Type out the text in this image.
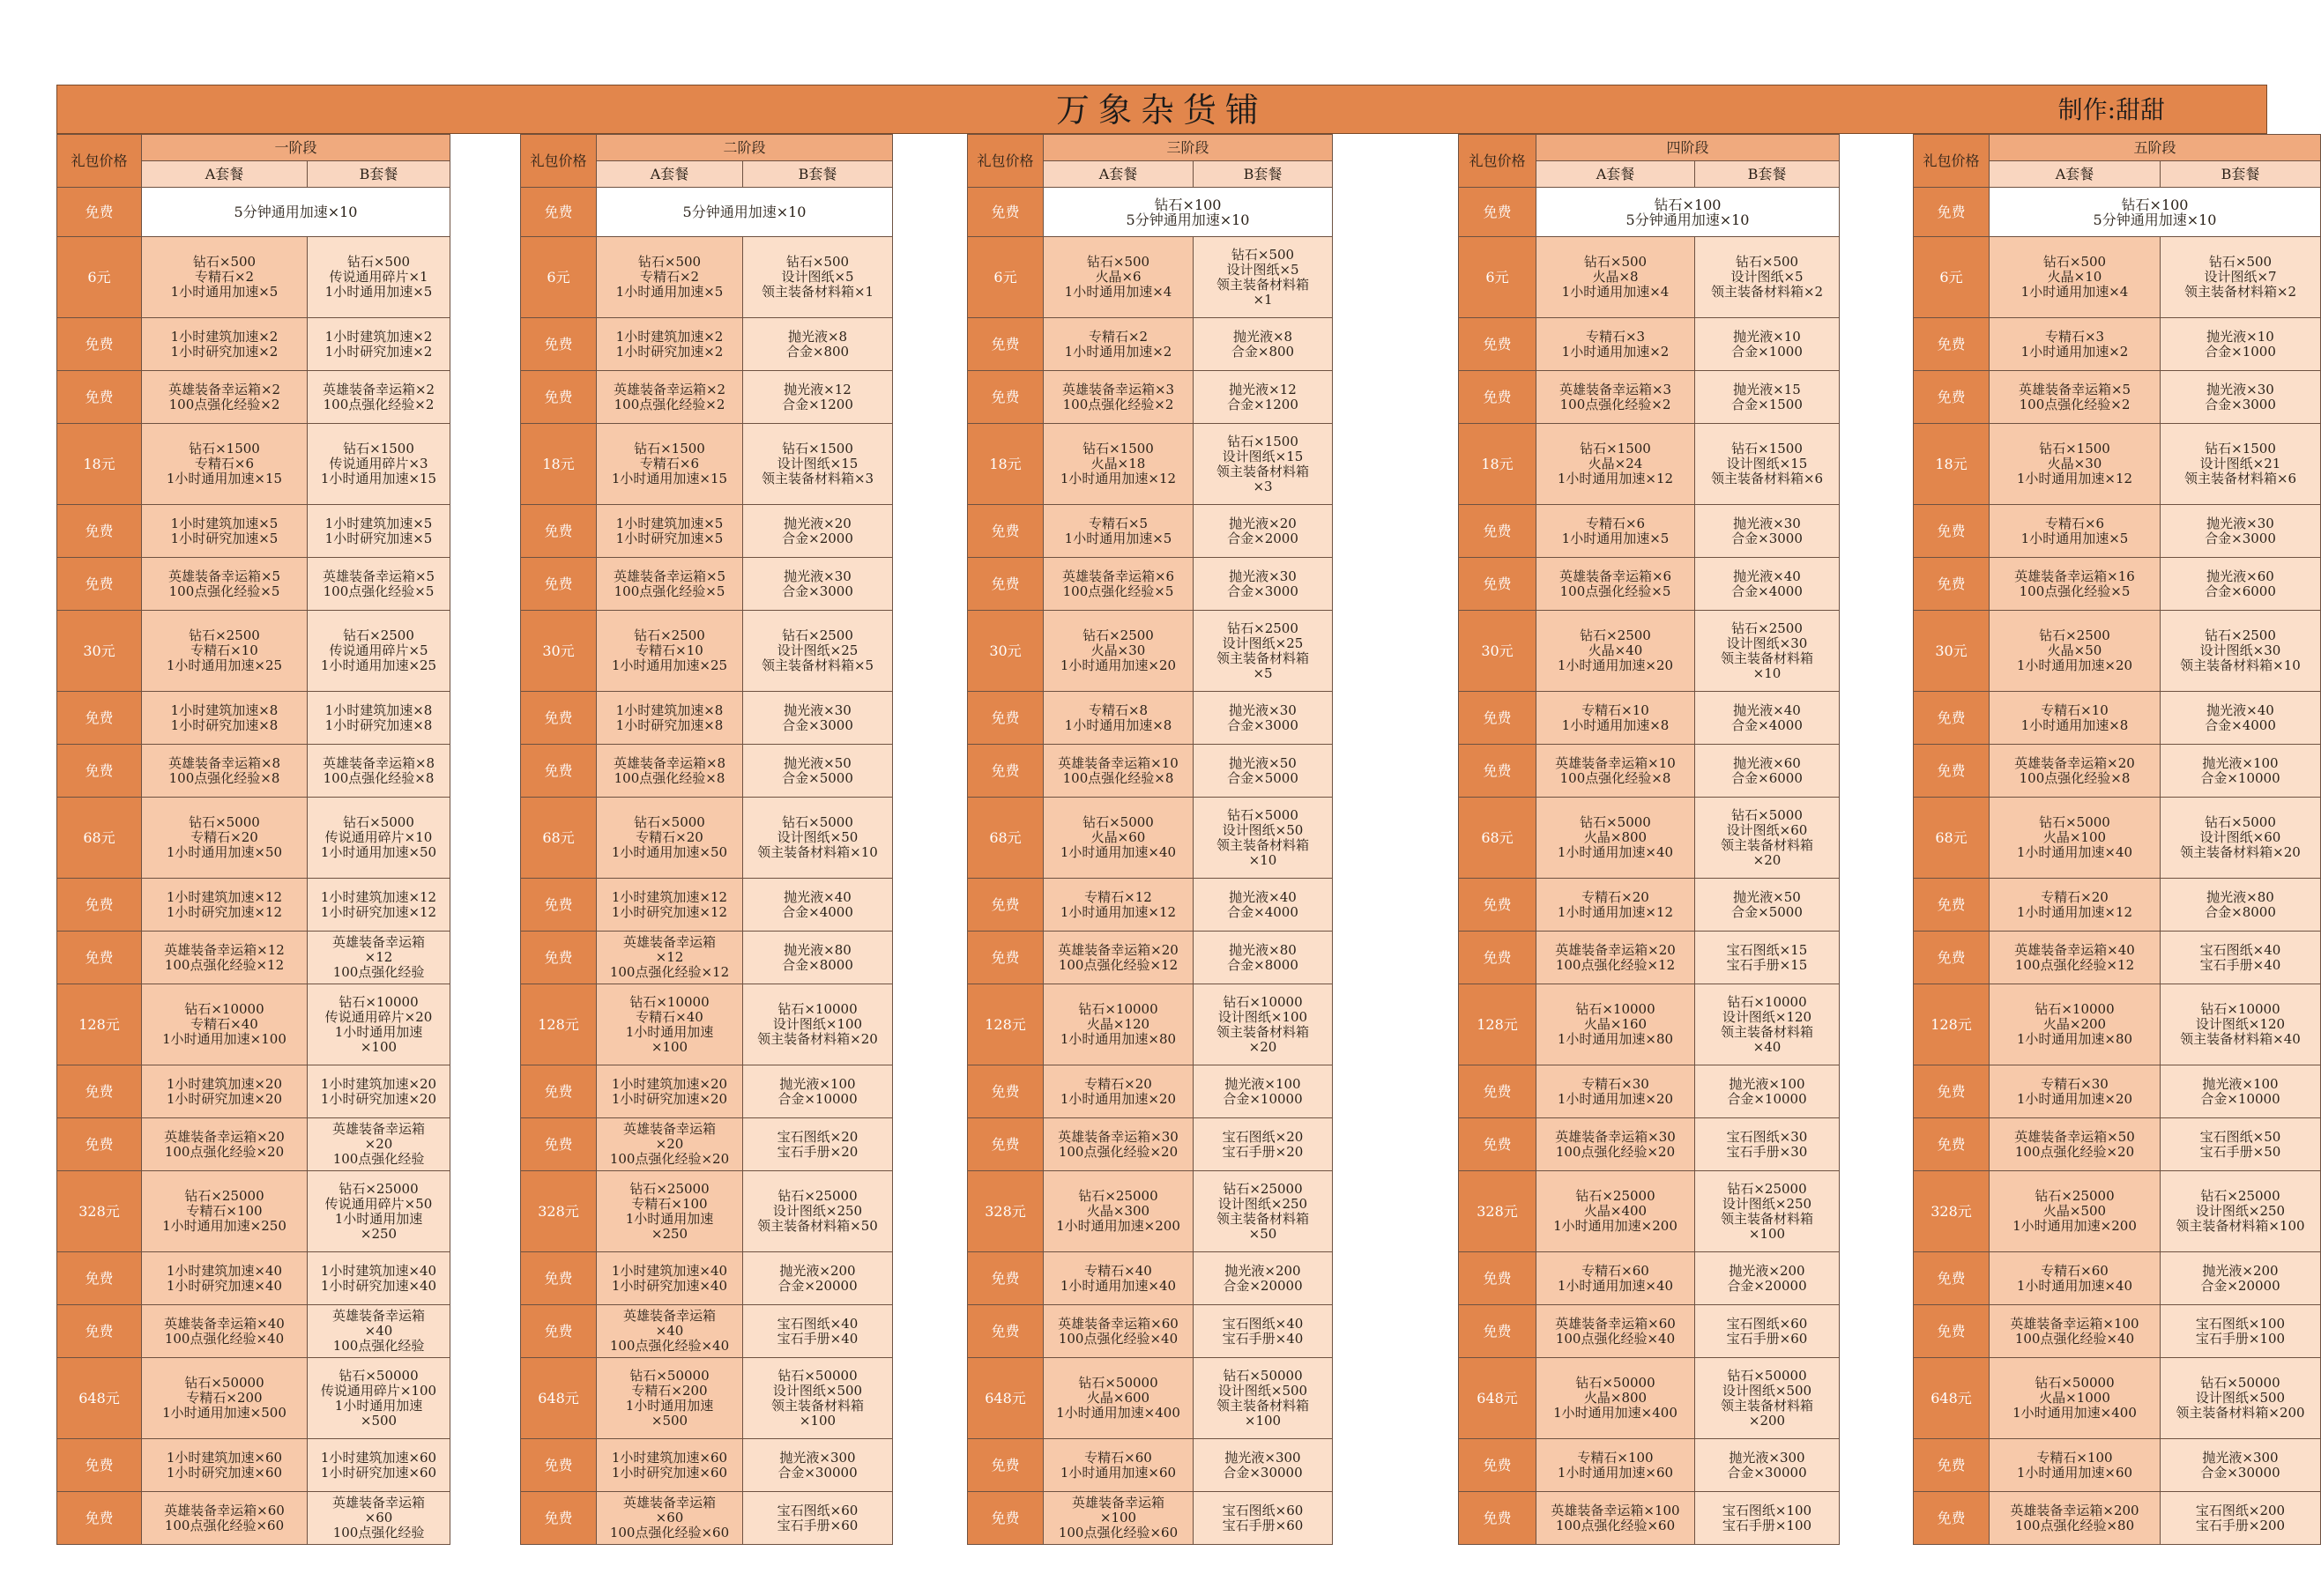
万象杂货铺	制作:甜甜
礼包价格	一阶段	
	A套餐	B套餐
免费	5分钟通用加速×10	

6元	钻石×500
专精石×2
1小时通用加速×5	钻石×500
传说通用碎片×1
1小时通用加速×5

免费	1小时建筑加速×2
1小时研究加速×2	1小时建筑加速×2
1小时研究加速×2

免费	英雄装备幸运箱×2
100点强化经验×2	英雄装备幸运箱×2
100点强化经验×2

18元	钻石×1500
专精石×6
1小时通用加速×15	钻石×1500
传说通用碎片×3
1小时通用加速×15

免费	1小时建筑加速×5
1小时研究加速×5	1小时建筑加速×5
1小时研究加速×5

免费	英雄装备幸运箱×5
100点强化经验×5	英雄装备幸运箱×5
100点强化经验×5

30元	钻石×2500
专精石×10
1小时通用加速×25	钻石×2500
传说通用碎片×5
1小时通用加速×25

免费	1小时建筑加速×8
1小时研究加速×8	1小时建筑加速×8
1小时研究加速×8

免费	英雄装备幸运箱×8
100点强化经验×8	英雄装备幸运箱×8
100点强化经验×8

68元	钻石×5000
专精石×20
1小时通用加速×50	钻石×5000
传说通用碎片×10
1小时通用加速×50

免费	1小时建筑加速×12
1小时研究加速×12	1小时建筑加速×12
1小时研究加速×12

免费	英雄装备幸运箱×12
100点强化经验×12	英雄装备幸运箱
×12
100点强化经验

128元	钻石×10000
专精石×40
1小时通用加速×100	钻石×10000
传说通用碎片×20
1小时通用加速
×100

免费	1小时建筑加速×20
1小时研究加速×20	1小时建筑加速×20
1小时研究加速×20

免费	英雄装备幸运箱×20
100点强化经验×20	英雄装备幸运箱
×20
100点强化经验

328元	钻石×25000
专精石×100
1小时通用加速×250	钻石×25000
传说通用碎片×50
1小时通用加速
×250

免费	1小时建筑加速×40
1小时研究加速×40	1小时建筑加速×40
1小时研究加速×40

免费	英雄装备幸运箱×40
100点强化经验×40	英雄装备幸运箱
×40
100点强化经验

648元	钻石×50000
专精石×200
1小时通用加速×500	钻石×50000
传说通用碎片×100
1小时通用加速
×500

免费	1小时建筑加速×60
1小时研究加速×60	1小时建筑加速×60
1小时研究加速×60

免费	英雄装备幸运箱×60
100点强化经验×60	英雄装备幸运箱
×60
100点强化经验
礼包价格	二阶段	
	A套餐	B套餐
免费	5分钟通用加速×10	

6元	钻石×500
专精石×2
1小时通用加速×5	钻石×500
设计图纸×5
领主装备材料箱×1

免费	1小时建筑加速×2
1小时研究加速×2	抛光液×8
合金×800

免费	英雄装备幸运箱×2
100点强化经验×2	抛光液×12
合金×1200

18元	钻石×1500
专精石×6
1小时通用加速×15	钻石×1500
设计图纸×15
领主装备材料箱×3

免费	1小时建筑加速×5
1小时研究加速×5	抛光液×20
合金×2000

免费	英雄装备幸运箱×5
100点强化经验×5	抛光液×30
合金×3000

30元	钻石×2500
专精石×10
1小时通用加速×25	钻石×2500
设计图纸×25
领主装备材料箱×5

免费	1小时建筑加速×8
1小时研究加速×8	抛光液×30
合金×3000

免费	英雄装备幸运箱×8
100点强化经验×8	抛光液×50
合金×5000

68元	钻石×5000
专精石×20
1小时通用加速×50	钻石×5000
设计图纸×50
领主装备材料箱×10

免费	1小时建筑加速×12
1小时研究加速×12	抛光液×40
合金×4000

免费	英雄装备幸运箱
×12
100点强化经验×12	抛光液×80
合金×8000

128元	钻石×10000
专精石×40
1小时通用加速
×100	钻石×10000
设计图纸×100
领主装备材料箱×20

免费	1小时建筑加速×20
1小时研究加速×20	抛光液×100
合金×10000

免费	英雄装备幸运箱
×20
100点强化经验×20	宝石图纸×20
宝石手册×20

328元	钻石×25000
专精石×100
1小时通用加速
×250	钻石×25000
设计图纸×250
领主装备材料箱×50

免费	1小时建筑加速×40
1小时研究加速×40	抛光液×200
合金×20000

免费	英雄装备幸运箱
×40
100点强化经验×40	宝石图纸×40
宝石手册×40

648元	钻石×50000
专精石×200
1小时通用加速
×500	钻石×50000
设计图纸×500
领主装备材料箱
×100

免费	1小时建筑加速×60
1小时研究加速×60	抛光液×300
合金×30000

免费	英雄装备幸运箱
×60
100点强化经验×60	宝石图纸×60
宝石手册×60
礼包价格	三阶段	
	A套餐	B套餐
免费	钻石×100
5分钟通用加速×10	

6元	钻石×500
火晶×6
1小时通用加速×4	钻石×500
设计图纸×5
领主装备材料箱
×1

免费	专精石×2
1小时通用加速×2	抛光液×8
合金×800

免费	英雄装备幸运箱×3
100点强化经验×2	抛光液×12
合金×1200

18元	钻石×1500
火晶×18
1小时通用加速×12	钻石×1500
设计图纸×15
领主装备材料箱
×3

免费	专精石×5
1小时通用加速×5	抛光液×20
合金×2000

免费	英雄装备幸运箱×6
100点强化经验×5	抛光液×30
合金×3000

30元	钻石×2500
火晶×30
1小时通用加速×20	钻石×2500
设计图纸×25
领主装备材料箱
×5

免费	专精石×8
1小时通用加速×8	抛光液×30
合金×3000

免费	英雄装备幸运箱×10
100点强化经验×8	抛光液×50
合金×5000

68元	钻石×5000
火晶×60
1小时通用加速×40	钻石×5000
设计图纸×50
领主装备材料箱
×10

免费	专精石×12
1小时通用加速×12	抛光液×40
合金×4000

免费	英雄装备幸运箱×20
100点强化经验×12	抛光液×80
合金×8000

128元	钻石×10000
火晶×120
1小时通用加速×80	钻石×10000
设计图纸×100
领主装备材料箱
×20

免费	专精石×20
1小时通用加速×20	抛光液×100
合金×10000

免费	英雄装备幸运箱×30
100点强化经验×20	宝石图纸×20
宝石手册×20

328元	钻石×25000
火晶×300
1小时通用加速×200	钻石×25000
设计图纸×250
领主装备材料箱
×50

免费	专精石×40
1小时通用加速×40	抛光液×200
合金×20000

免费	英雄装备幸运箱×60
100点强化经验×40	宝石图纸×40
宝石手册×40

648元	钻石×50000
火晶×600
1小时通用加速×400	钻石×50000
设计图纸×500
领主装备材料箱
×100

免费	专精石×60
1小时通用加速×60	抛光液×300
合金×30000

免费	英雄装备幸运箱
×100
100点强化经验×60	宝石图纸×60
宝石手册×60
礼包价格	四阶段	
	A套餐	B套餐
免费	钻石×100
5分钟通用加速×10	

6元	钻石×500
火晶×8
1小时通用加速×4	钻石×500
设计图纸×5
领主装备材料箱×2

免费	专精石×3
1小时通用加速×2	抛光液×10
合金×1000

免费	英雄装备幸运箱×3
100点强化经验×2	抛光液×15
合金×1500

18元	钻石×1500
火晶×24
1小时通用加速×12	钻石×1500
设计图纸×15
领主装备材料箱×6

免费	专精石×6
1小时通用加速×5	抛光液×30
合金×3000

免费	英雄装备幸运箱×6
100点强化经验×5	抛光液×40
合金×4000

30元	钻石×2500
火晶×40
1小时通用加速×20	钻石×2500
设计图纸×30
领主装备材料箱
×10

免费	专精石×10
1小时通用加速×8	抛光液×40
合金×4000

免费	英雄装备幸运箱×10
100点强化经验×8	抛光液×60
合金×6000

68元	钻石×5000
火晶×800
1小时通用加速×40	钻石×5000
设计图纸×60
领主装备材料箱
×20

免费	专精石×20
1小时通用加速×12	抛光液×50
合金×5000

免费	英雄装备幸运箱×20
100点强化经验×12	宝石图纸×15
宝石手册×15

128元	钻石×10000
火晶×160
1小时通用加速×80	钻石×10000
设计图纸×120
领主装备材料箱
×40

免费	专精石×30
1小时通用加速×20	抛光液×100
合金×10000

免费	英雄装备幸运箱×30
100点强化经验×20	宝石图纸×30
宝石手册×30

328元	钻石×25000
火晶×400
1小时通用加速×200	钻石×25000
设计图纸×250
领主装备材料箱
×100

免费	专精石×60
1小时通用加速×40	抛光液×200
合金×20000

免费	英雄装备幸运箱×60
100点强化经验×40	宝石图纸×60
宝石手册×60

648元	钻石×50000
火晶×800
1小时通用加速×400	钻石×50000
设计图纸×500
领主装备材料箱
×200

免费	专精石×100
1小时通用加速×60	抛光液×300
合金×30000

免费	英雄装备幸运箱×100
100点强化经验×60	宝石图纸×100
宝石手册×100
礼包价格	五阶段	
	A套餐	B套餐
免费	钻石×100
5分钟通用加速×10	

6元	钻石×500
火晶×10
1小时通用加速×4	钻石×500
设计图纸×7
领主装备材料箱×2

免费	专精石×3
1小时通用加速×2	抛光液×10
合金×1000

免费	英雄装备幸运箱×5
100点强化经验×2	抛光液×30
合金×3000

18元	钻石×1500
火晶×30
1小时通用加速×12	钻石×1500
设计图纸×21
领主装备材料箱×6

免费	专精石×6
1小时通用加速×5	抛光液×30
合金×3000

免费	英雄装备幸运箱×16
100点强化经验×5	抛光液×60
合金×6000

30元	钻石×2500
火晶×50
1小时通用加速×20	钻石×2500
设计图纸×30
领主装备材料箱×10

免费	专精石×10
1小时通用加速×8	抛光液×40
合金×4000

免费	英雄装备幸运箱×20
100点强化经验×8	抛光液×100
合金×10000

68元	钻石×5000
火晶×100
1小时通用加速×40	钻石×5000
设计图纸×60
领主装备材料箱×20

免费	专精石×20
1小时通用加速×12	抛光液×80
合金×8000

免费	英雄装备幸运箱×40
100点强化经验×12	宝石图纸×40
宝石手册×40

128元	钻石×10000
火晶×200
1小时通用加速×80	钻石×10000
设计图纸×120
领主装备材料箱×40

免费	专精石×30
1小时通用加速×20	抛光液×100
合金×10000

免费	英雄装备幸运箱×50
100点强化经验×20	宝石图纸×50
宝石手册×50

328元	钻石×25000
火晶×500
1小时通用加速×200	钻石×25000
设计图纸×250
领主装备材料箱×100

免费	专精石×60
1小时通用加速×40	抛光液×200
合金×20000

免费	英雄装备幸运箱×100
100点强化经验×40	宝石图纸×100
宝石手册×100

648元	钻石×50000
火晶×1000
1小时通用加速×400	钻石×50000
设计图纸×500
领主装备材料箱×200

免费	专精石×100
1小时通用加速×60	抛光液×300
合金×30000

免费	英雄装备幸运箱×200
100点强化经验×80	宝石图纸×200
宝石手册×200
